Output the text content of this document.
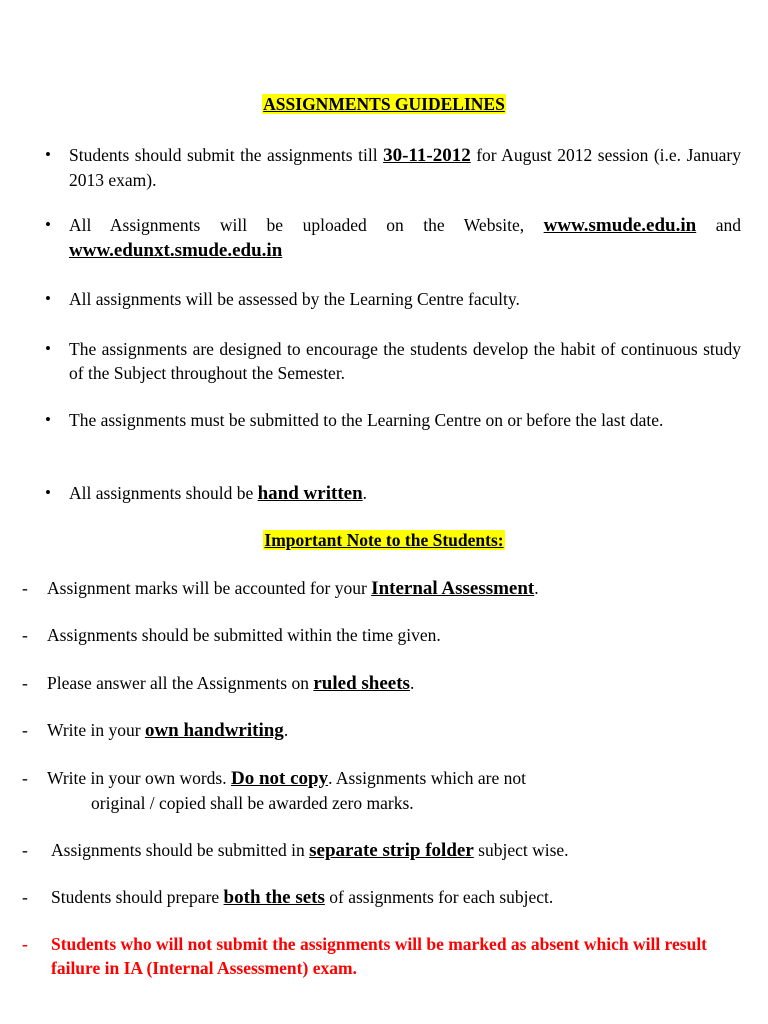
ASSIGNMENTS GUIDELINES
• Students should submit the assignments till 30-11-2012 for August 2012 session (i.e. January 2013 exam).
• All Assignments will be uploaded on the Website, www.smude.edu.in and www.edunxt.smude.edu.in
• All assignments will be assessed by the Learning Centre faculty.
• The assignments are designed to encourage the students develop the habit of continuous study of the Subject throughout the Semester.
• The assignments must be submitted to the Learning Centre on or before the last date.
• All assignments should be hand written.
Important Note to the Students:
- Assignment marks will be accounted for your Internal Assessment.
- Assignments should be submitted within the time given.
- Please answer all the Assignments on ruled sheets.
- Write in your own handwriting.
- Write in your own words. Do not copy. Assignments which are not
original / copied shall be awarded zero marks.
- Assignments should be submitted in separate strip folder subject wise.
- Students should prepare both the sets of assignments for each subject.
- Students who will not submit the assignments will be marked as absent which will result failure in IA (Internal Assessment) exam.
